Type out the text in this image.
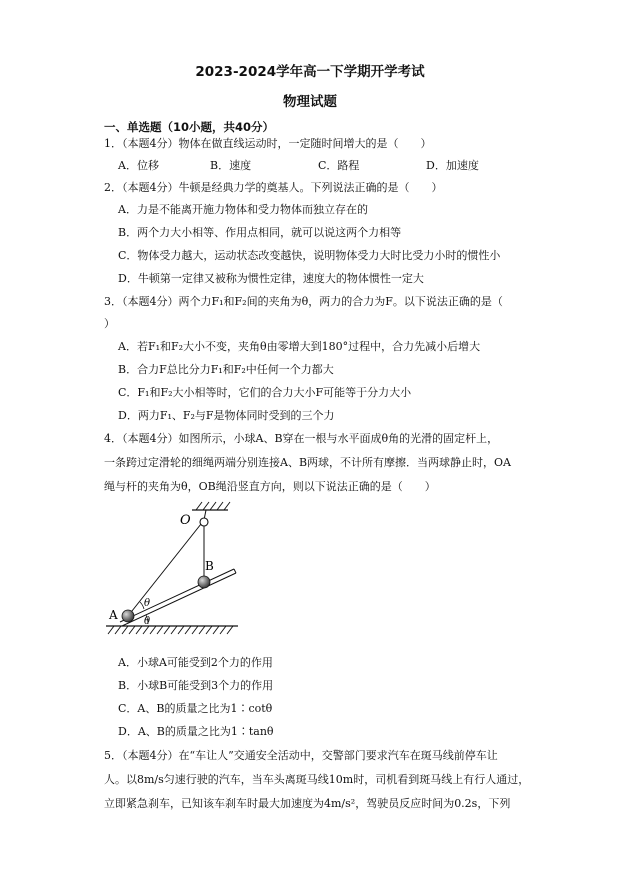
2023-2024学年高一下学期开学考试
物理试题
一、单选题（10小题，共40分）
1．（本题4分）物体在做直线运动时，一定随时间增大的是（　　）
A．位移	B．速度	C．路程	D．加速度
2．（本题4分）牛顿是经典力学的奠基人。下列说法正确的是（　　）
A．力是不能离开施力物体和受力物体而独立存在的
B．两个力大小相等、作用点相同，就可以说这两个力相等
C．物体受力越大，运动状态改变越快，说明物体受力大时比受力小时的惯性小
D．牛顿第一定律又被称为惯性定律，速度大的物体惯性一定大
3．（本题4分）两个力F₁和F₂间的夹角为θ，两力的合力为F。以下说法正确的是（
）
A．若F₁和F₂大小不变，夹角θ由零增大到180°过程中，合力先减小后增大
B．合力F总比分力F₁和F₂中任何一个力都大
C．F₁和F₂大小相等时，它们的合力大小F可能等于分力大小
D．两力F₁、F₂与F是物体同时受到的三个力
4．（本题4分）如图所示，小球A、B穿在一根与水平面成θ角的光滑的固定杆上，
一条跨过定滑轮的细绳两端分别连接A、B两球，不计所有摩擦．当两球静止时，OA
绳与杆的夹角为θ，OB绳沿竖直方向，则以下说法正确的是（　　）
O
B
A
θ
θ
A．小球A可能受到2个力的作用
B．小球B可能受到3个力的作用
C．A、B的质量之比为1∶cotθ
D．A、B的质量之比为1∶tanθ
5．（本题4分）在“车让人”交通安全活动中，交警部门要求汽车在斑马线前停车让
人。以8m/s匀速行驶的汽车，当车头离斑马线10m时，司机看到斑马线上有行人通过，
立即紧急刹车，已知该车刹车时最大加速度为4m/s²，驾驶员反应时间为0.2s，下列
